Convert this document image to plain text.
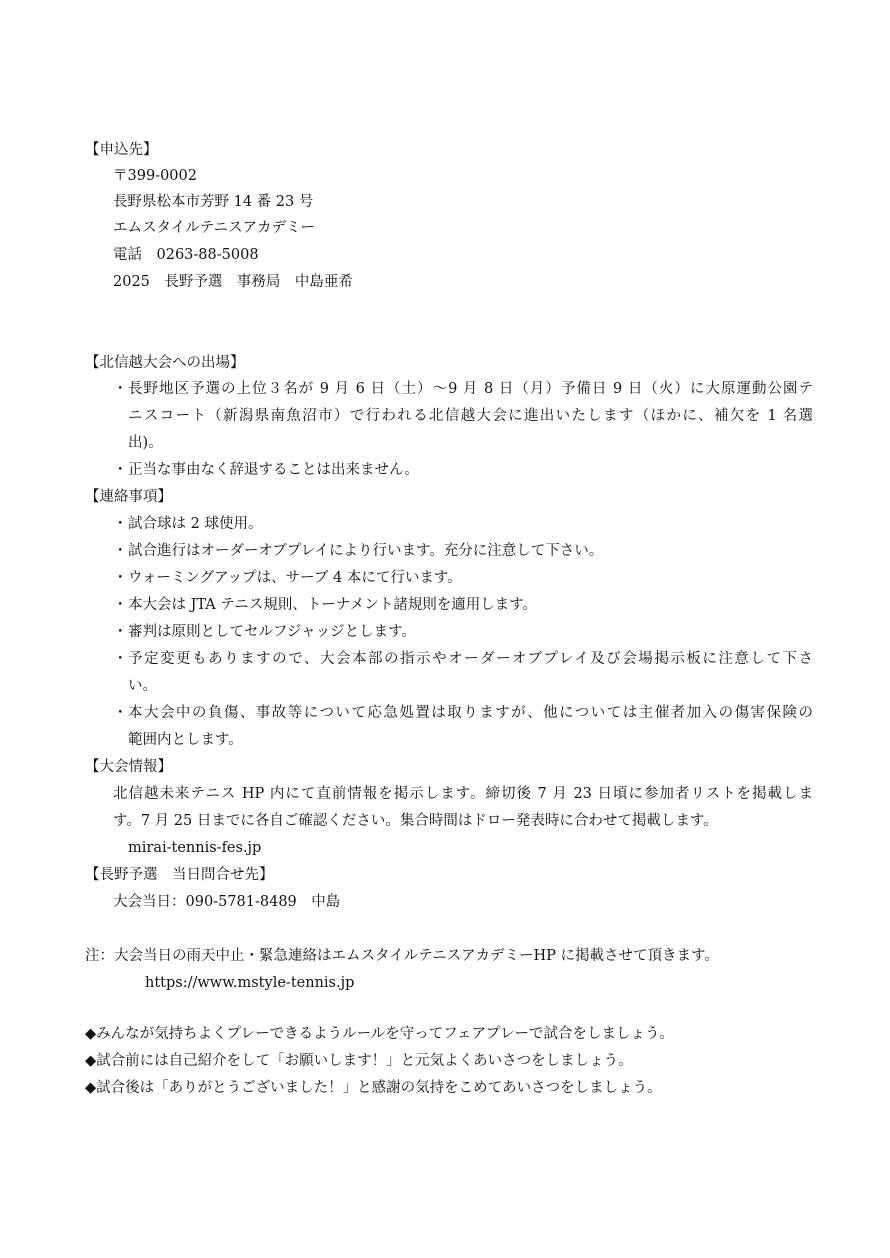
【申込先】
〒399-0002
長野県松本市芳野 14 番 23 号
エムスタイルテニスアカデミー
電話　0263-88-5008
2025　長野予選　事務局　中島亜希
【北信越大会への出場】
・ 長野地区予選の上位３名が 9 月 6 日（土）～9 月 8 日（月）予備日 9 日（火）に大原運動公園テ
ニスコート（新潟県南魚沼市）で行われる北信越大会に進出いたします（ほかに、補欠を 1 名選
出)。
・ 正当な事由なく辞退することは出来ません。
【連絡事項】
・ 試合球は 2 球使用。
・ 試合進行はオーダーオブプレイにより行います。充分に注意して下さい。
・ ウォーミングアップは、サーブ 4 本にて行います。
・ 本大会は JTA テニス規則、トーナメント諸規則を適用します。
・ 審判は原則としてセルフジャッジとします。
・ 予定変更もありますので、大会本部の指示やオーダーオブプレイ及び会場掲示板に注意して下さ
い。
・ 本大会中の負傷、事故等について応急処置は取りますが、他については主催者加入の傷害保険の
範囲内とします。
【大会情報】
北信越未来テニス HP 内にて直前情報を掲示します。締切後 7 月 23 日頃に参加者リストを掲載しま
す。7 月 25 日までに各自ご確認ください。集合時間はドロー発表時に合わせて掲載します。
mirai-tennis-fes.jp
【長野予選　当日問合せ先】
大会当日：090-5781-8489　中島
注：大会当日の雨天中止・緊急連絡はエムスタイルテニスアカデミーHP に掲載させて頂きます。
https://www.mstyle-tennis.jp
◆みんなが気持ちよくプレーできるようルールを守ってフェアプレーで試合をしましょう。
◆試合前には自己紹介をして「お願いします！」と元気よくあいさつをしましょう。
◆試合後は「ありがとうございました！」と感謝の気持をこめてあいさつをしましょう。
